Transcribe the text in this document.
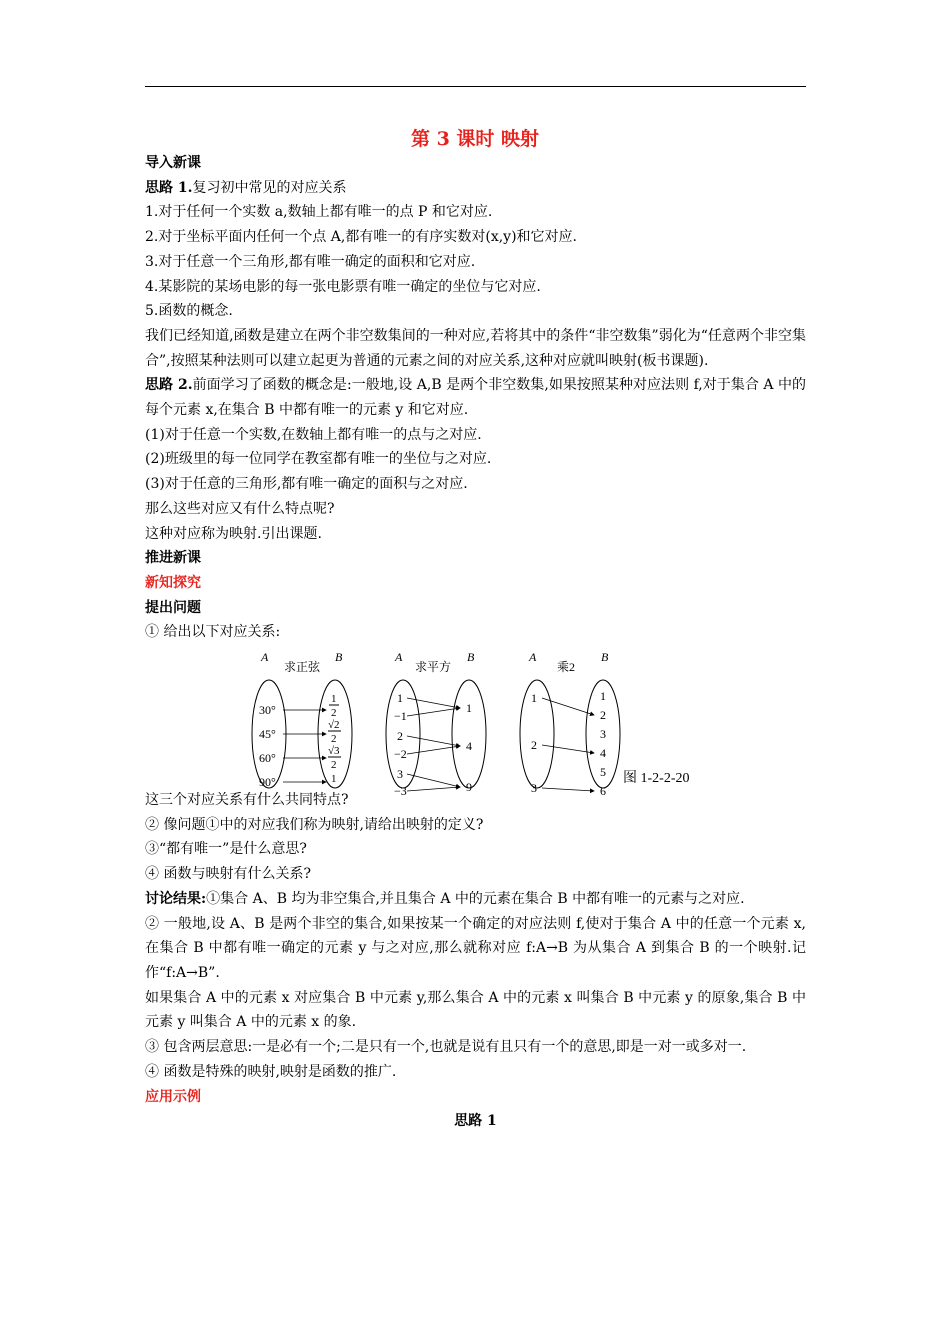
第 3 课时 映射

导入新课

思路 1.复习初中常见的对应关系

1.对于任何一个实数 a,数轴上都有唯一的点 P 和它对应.

2.对于坐标平面内任何一个点 A,都有唯一的有序实数对(x,y)和它对应.

3.对于任意一个三角形,都有唯一确定的面积和它对应.

4.某影院的某场电影的每一张电影票有唯一确定的坐位与它对应.

5.函数的概念.

我们已经知道,函数是建立在两个非空数集间的一种对应,若将其中的条件“非空数集”弱化为“任意两个非空集合”,按照某种法则可以建立起更为普通的元素之间的对应关系,这种对应就叫映射(板书课题).

思路 2.前面学习了函数的概念是:一般地,设 A,B 是两个非空数集,如果按照某种对应法则 f,对于集合 A 中的每个元素 x,在集合 B 中都有唯一的元素 y 和它对应.

(1)对于任意一个实数,在数轴上都有唯一的点与之对应.

(2)班级里的每一位同学在教室都有唯一的坐位与之对应.

(3)对于任意的三角形,都有唯一确定的面积与之对应.

那么这些对应又有什么特点呢?

这种对应称为映射.引出课题.

推进新课

新知探究

提出问题

① 给出以下对应关系:

A	B
求正弦
30°
45°
60°
90°
1
2
√2
2
√3
2
1
A	B
求平方
1
−1
2
−2
3
−3
1
4
9
A	B
乘2
1
2
3
1
2
3
4
5
6
图 1-2-2-20

这三个对应关系有什么共同特点?

② 像问题①中的对应我们称为映射,请给出映射的定义?

③“都有唯一”是什么意思?

④ 函数与映射有什么关系?

讨论结果:①集合 A、B 均为非空集合,并且集合 A 中的元素在集合 B 中都有唯一的元素与之对应.

② 一般地,设 A、B 是两个非空的集合,如果按某一个确定的对应法则 f,使对于集合 A 中的任意一个元素 x,在集合 B 中都有唯一确定的元素 y 与之对应,那么就称对应 f:A→B 为从集合 A 到集合 B 的一个映射.记作“f:A→B”.

如果集合 A 中的元素 x 对应集合 B 中元素 y,那么集合 A 中的元素 x 叫集合 B 中元素 y 的原象,集合 B 中元素 y 叫集合 A 中的元素 x 的象.

③ 包含两层意思:一是必有一个;二是只有一个,也就是说有且只有一个的意思,即是一对一或多对一.

④ 函数是特殊的映射,映射是函数的推广.

应用示例

思路 1
